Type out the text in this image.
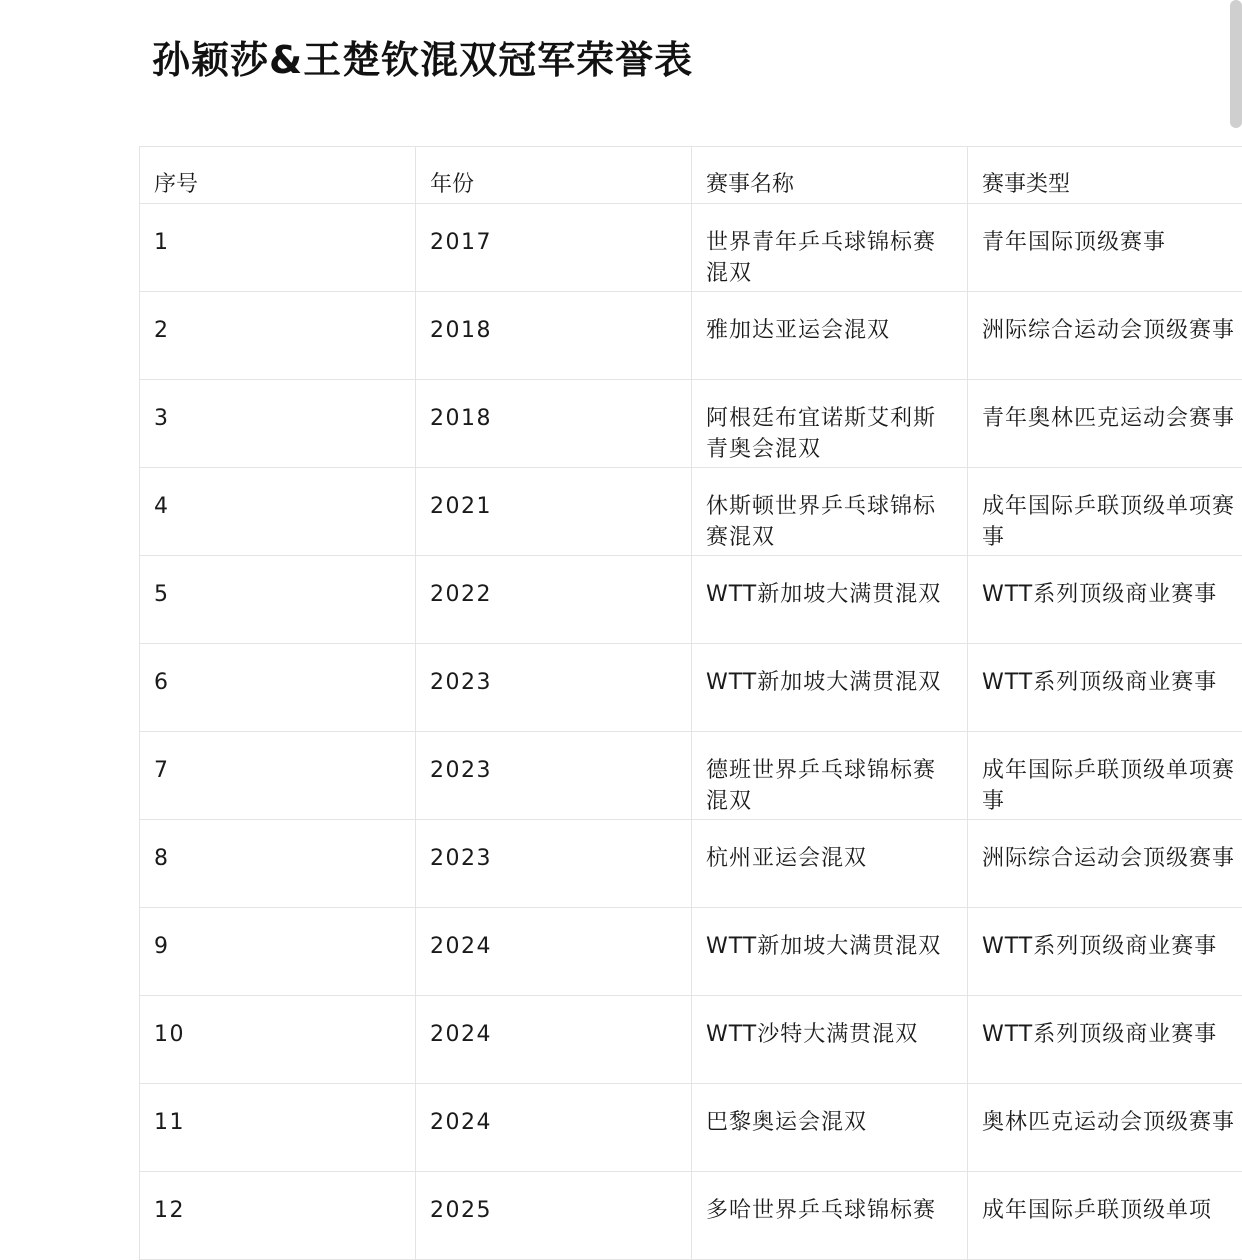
孙颖莎&王楚钦混双冠军荣誉表
序号	年份	赛事名称	赛事类型
1	2017	世界青年乒乓球锦标赛混双	青年国际顶级赛事
2	2018	雅加达亚运会混双	洲际综合运动会顶级赛事
3	2018	阿根廷布宜诺斯艾利斯青奥会混双	青年奥林匹克运动会赛事
4	2021	休斯顿世界乒乓球锦标赛混双	成年国际乒联顶级单项赛事
5	2022	WTT新加坡大满贯混双	WTT系列顶级商业赛事
6	2023	WTT新加坡大满贯混双	WTT系列顶级商业赛事
7	2023	德班世界乒乓球锦标赛混双	成年国际乒联顶级单项赛事
8	2023	杭州亚运会混双	洲际综合运动会顶级赛事
9	2024	WTT新加坡大满贯混双	WTT系列顶级商业赛事
10	2024	WTT沙特大满贯混双	WTT系列顶级商业赛事
11	2024	巴黎奥运会混双	奥林匹克运动会顶级赛事
12	2025	多哈世界乒乓球锦标赛	成年国际乒联顶级单项
